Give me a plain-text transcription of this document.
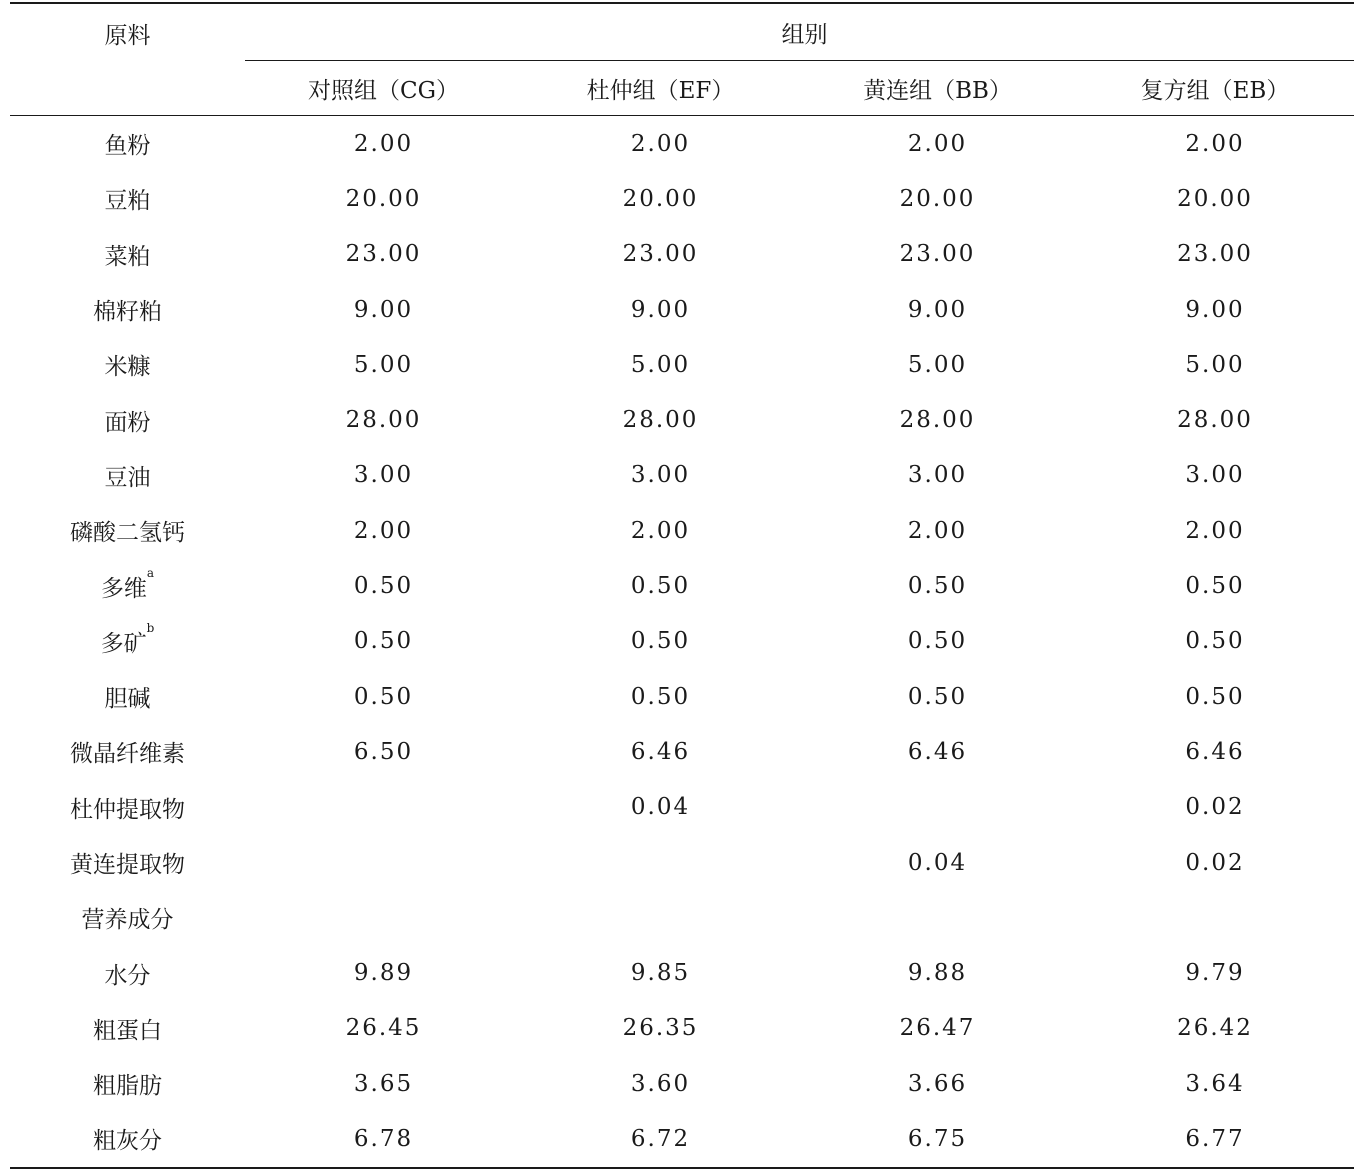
原料	组别			
	对照组（CG）	杜仲组（EF）	黄连组（BB）	复方组（EB）
鱼粉	2.00	2.00	2.00	2.00
豆粕	20.00	20.00	20.00	20.00
菜粕	23.00	23.00	23.00	23.00
棉籽粕	9.00	9.00	9.00	9.00
米糠	5.00	5.00	5.00	5.00
面粉	28.00	28.00	28.00	28.00
豆油	3.00	3.00	3.00	3.00
磷酸二氢钙	2.00	2.00	2.00	2.00
多维$^a$	0.50	0.50	0.50	0.50
多矿$^b$	0.50	0.50	0.50	0.50
胆碱	0.50	0.50	0.50	0.50
微晶纤维素	6.50	6.46	6.46	6.46
杜仲提取物		0.04		0.02
黄连提取物			0.04	0.02
营养成分				
水分	9.89	9.85	9.88	9.79
粗蛋白	26.45	26.35	26.47	26.42
粗脂肪	3.65	3.60	3.66	3.64
粗灰分	6.78	6.72	6.75	6.77
